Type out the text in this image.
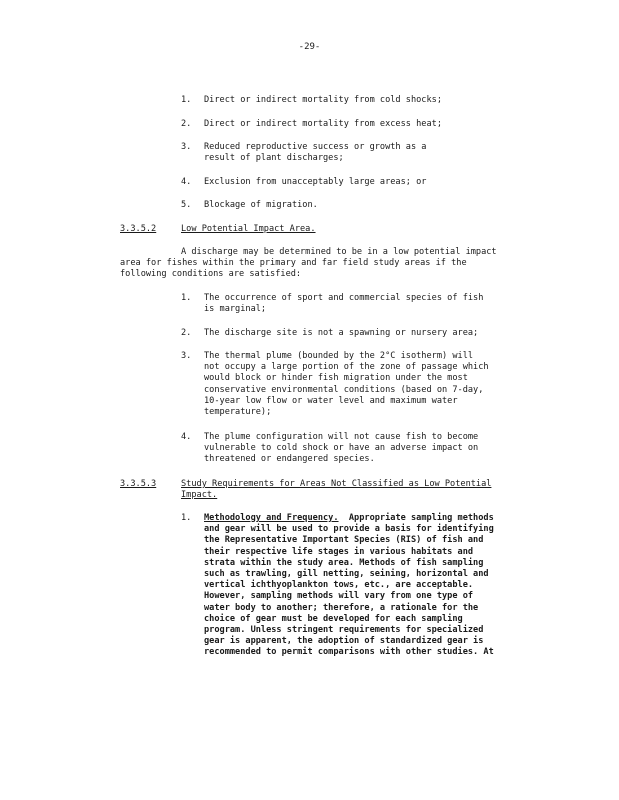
-29-
1.	Direct or indirect mortality from cold shocks;
2.	Direct or indirect mortality from excess heat;
3.	Reduced reproductive success or growth as a
result of plant discharges;
4.	Exclusion from unacceptably large areas; or
5.	Blockage of migration.
3.3.5.2	Low Potential Impact Area.
A discharge may be determined to be in a low potential impact
area for fishes within the primary and far field study areas if the
following conditions are satisfied:
1.	The occurrence of sport and commercial species of fish
is marginal;
2.	The discharge site is not a spawning or nursery area;
3.	The thermal plume (bounded by the 2°C isotherm) will
not occupy a large portion of the zone of passage which
would block or hinder fish migration under the most
conservative environmental conditions (based on 7-day,
10-year low flow or water level and maximum water
temperature);
4.	The plume configuration will not cause fish to become
vulnerable to cold shock or have an adverse impact on
threatened or endangered species.
3.3.5.3	Study Requirements for Areas Not Classified as Low Potential
Impact.
1. Methodology and Frequency.  Appropriate sampling methods
and gear will be used to provide a basis for identifying
the Representative Important Species (RIS) of fish and
their respective life stages in various habitats and
strata within the study area. Methods of fish sampling
such as trawling, gill netting, seining, horizontal and
vertical ichthyoplankton tows, etc., are acceptable.
However, sampling methods will vary from one type of
water body to another; therefore, a rationale for the
choice of gear must be developed for each sampling
program. Unless stringent requirements for specialized
gear is apparent, the adoption of standardized gear is
recommended to permit comparisons with other studies. At
